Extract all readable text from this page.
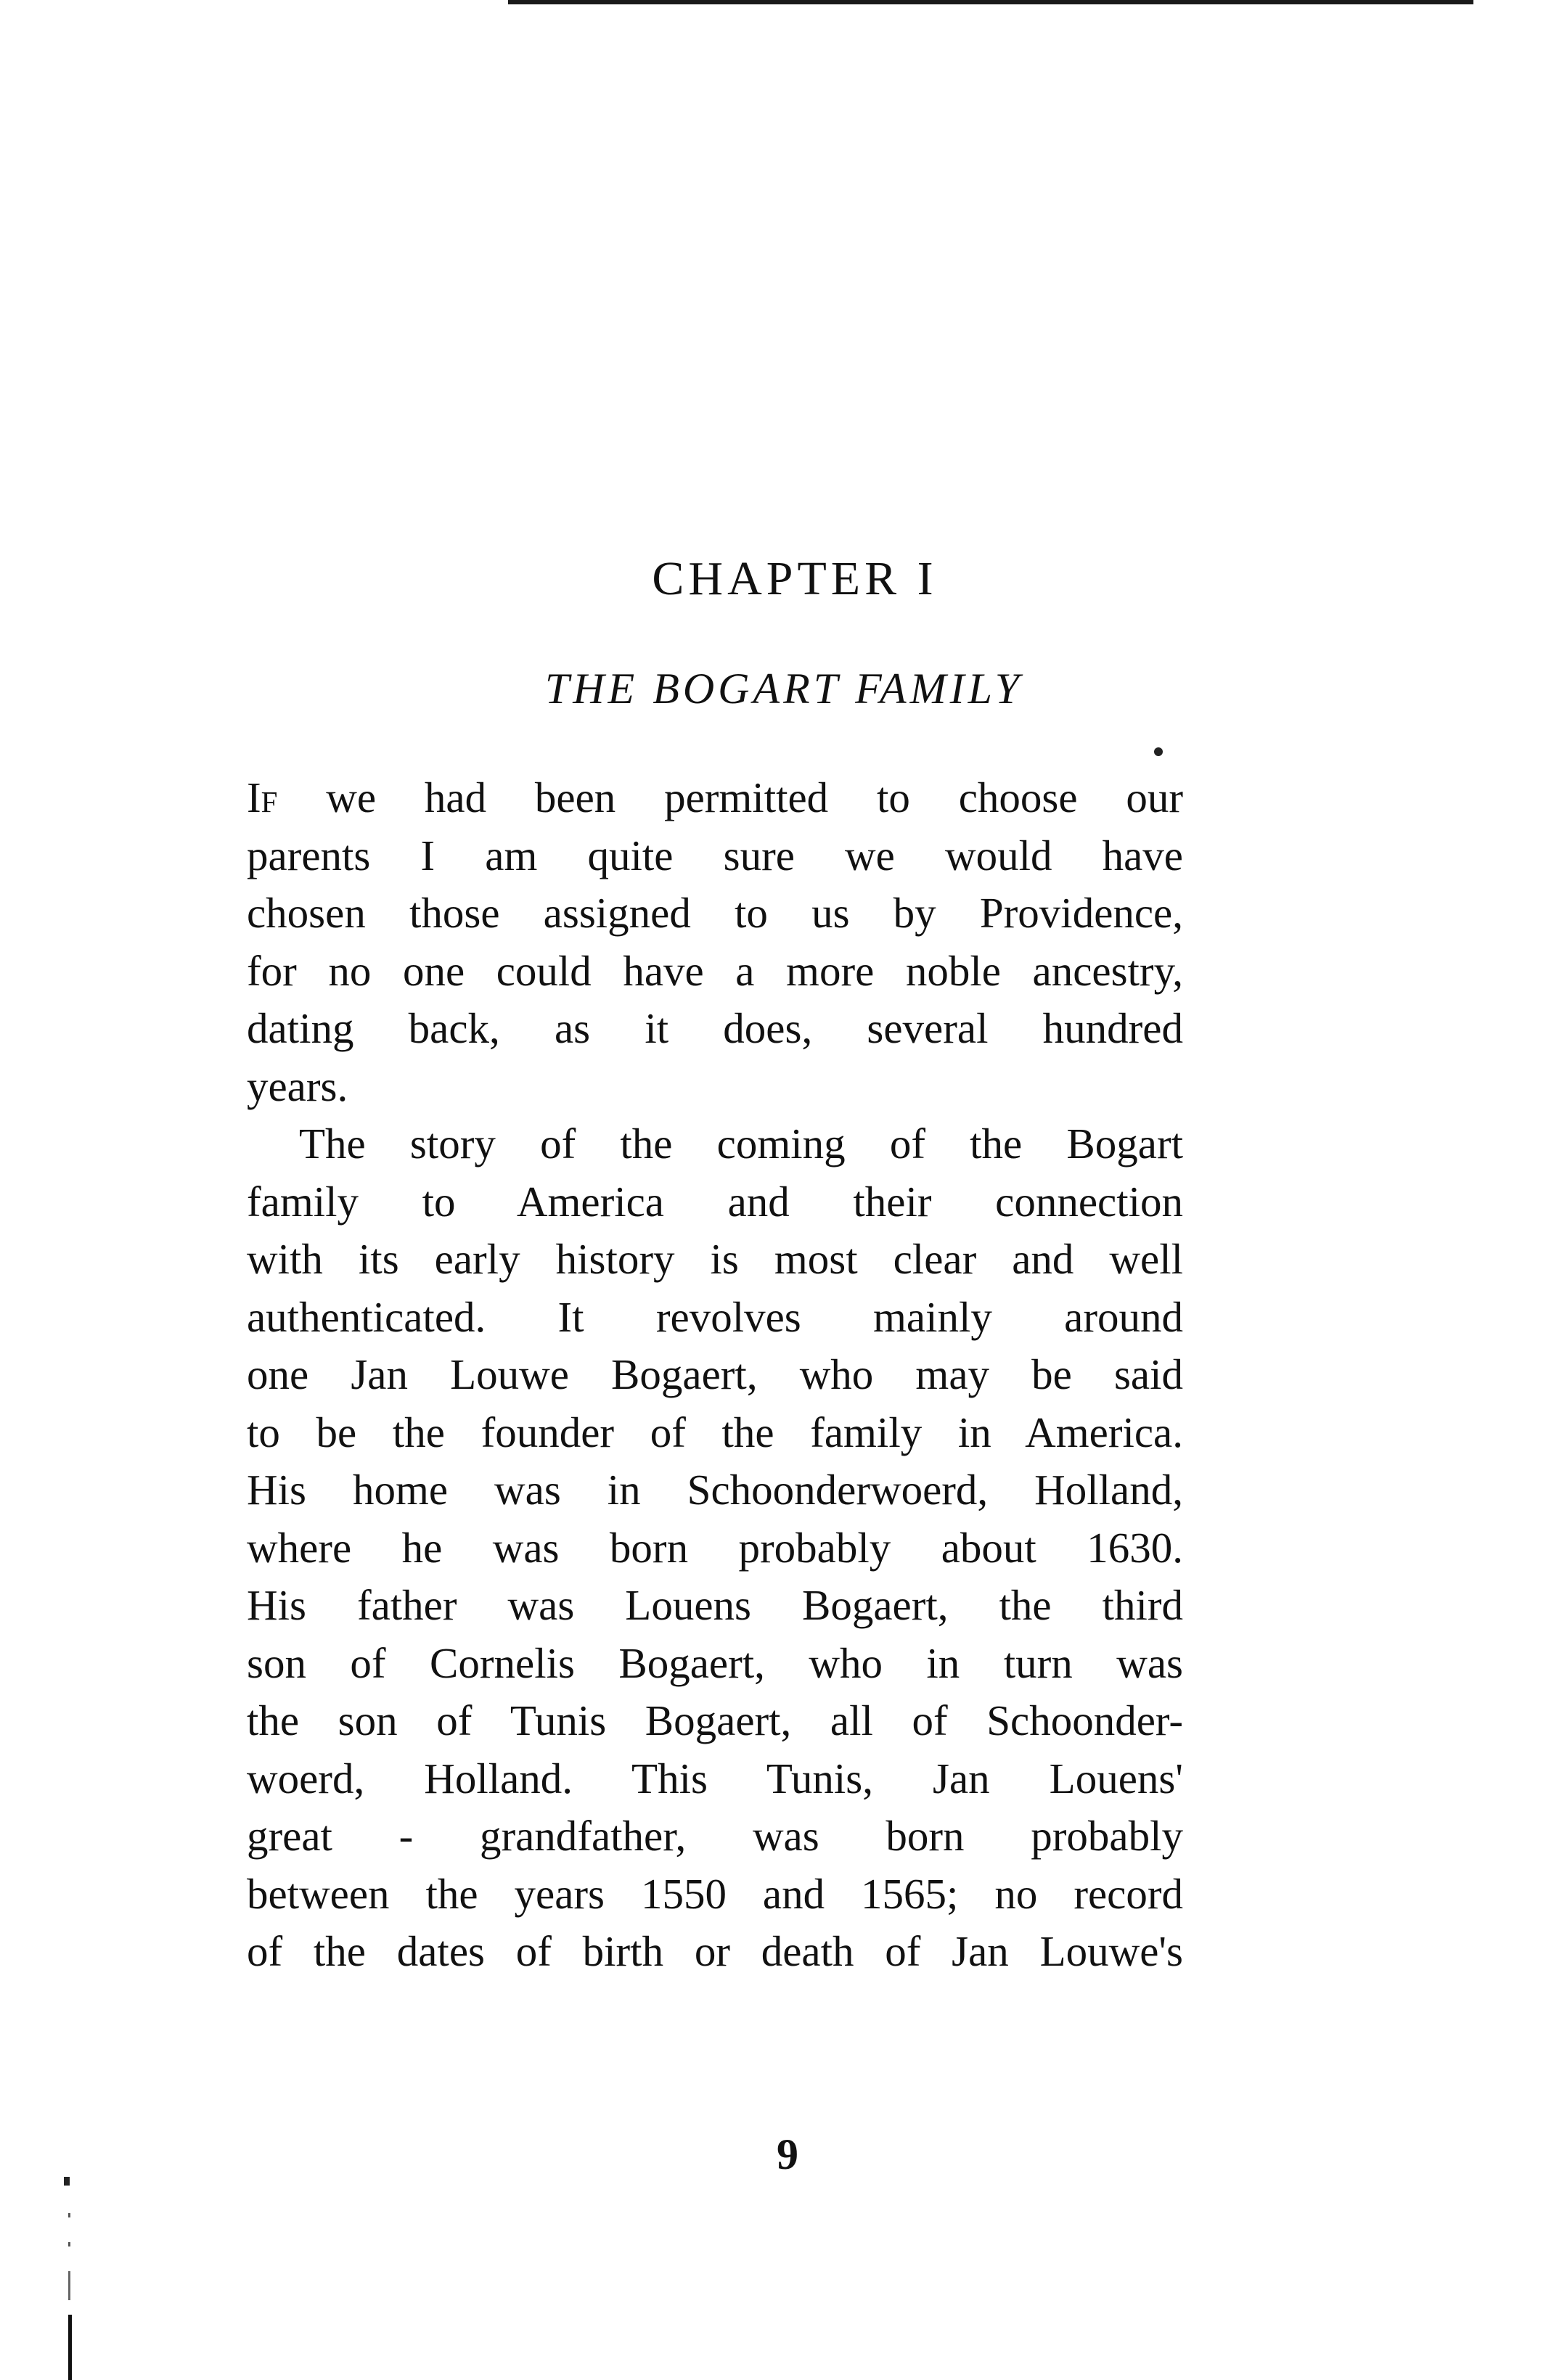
CHAPTER I
THE BOGART FAMILY
If we had been permitted to choose our
parents I am quite sure we would have
chosen those assigned to us by Providence,
for no one could have a more noble ancestry,
dating back, as it does, several hundred
years.
The story of the coming of the Bogart
family to America and their connection
with its early history is most clear and well
authenticated. It revolves mainly around
one Jan Louwe Bogaert, who may be said
to be the founder of the family in America.
His home was in Schoonderwoerd, Holland,
where he was born probably about 1630.
His father was Louens Bogaert, the third
son of Cornelis Bogaert, who in turn was
the son of Tunis Bogaert, all of Schoonder-
woerd, Holland. This Tunis, Jan Louens'
great - grandfather, was born probably
between the years 1550 and 1565; no record
of the dates of birth or death of Jan Louwe's
9
